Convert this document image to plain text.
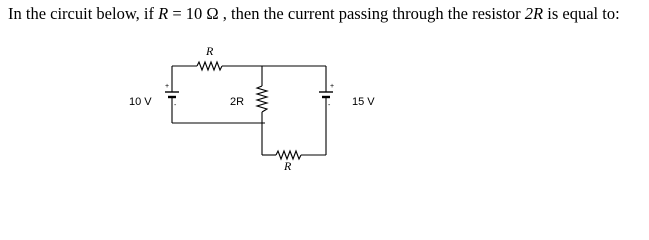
In the circuit below, if R = 10 Ω , then the current passing through the resistor 2R is equal to:
R
2R
R
10 V	15 V
+
-
+
-
